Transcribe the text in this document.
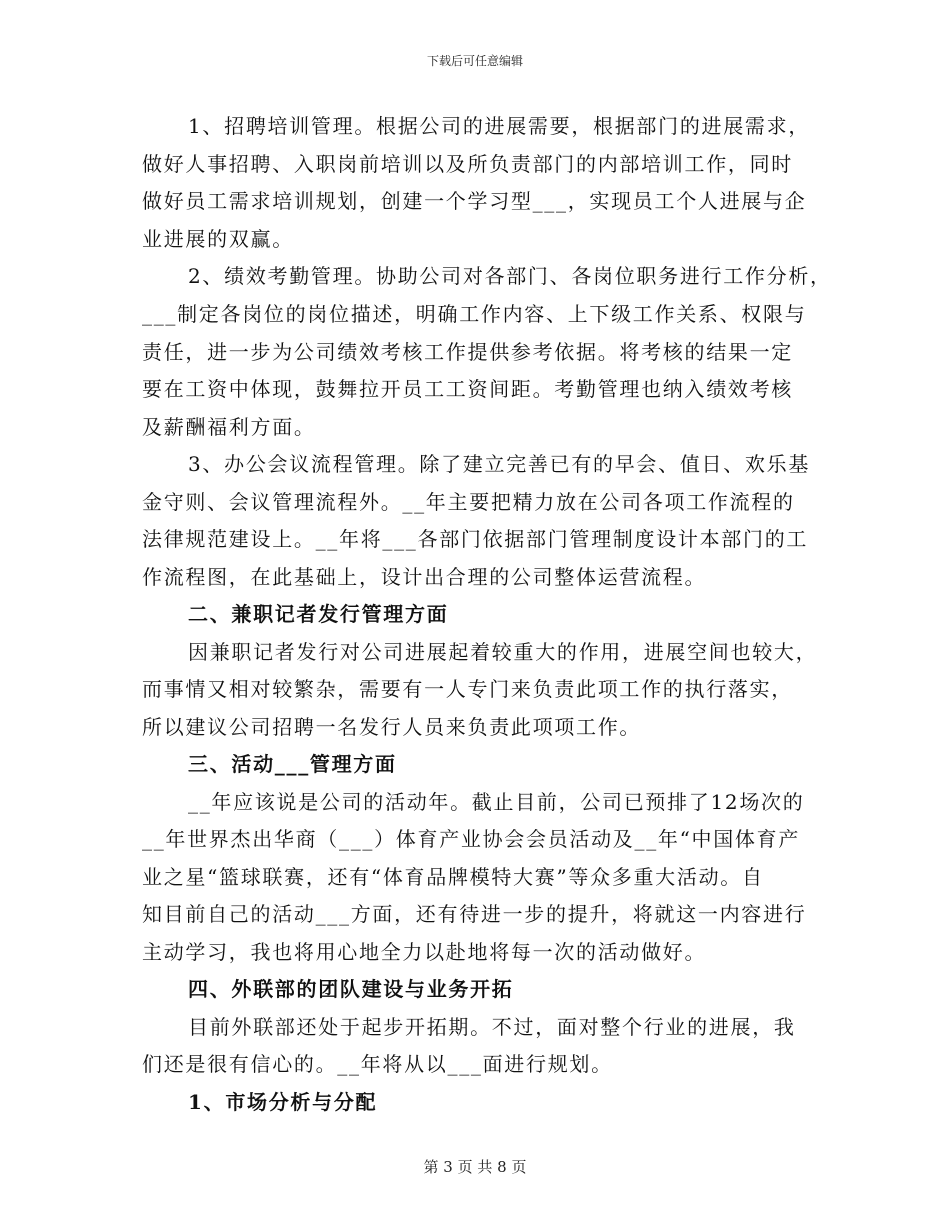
下载后可任意编辑
1、招聘培训管理。根据公司的进展需要，根据部门的进展需求，
做好人事招聘、入职岗前培训以及所负责部门的内部培训工作，同时
做好员工需求培训规划，创建一个学习型___，实现员工个人进展与企
业进展的双赢。
2、绩效考勤管理。协助公司对各部门、各岗位职务进行工作分析，
___制定各岗位的岗位描述，明确工作内容、上下级工作关系、权限与
责任，进一步为公司绩效考核工作提供参考依据。将考核的结果一定
要在工资中体现，鼓舞拉开员工工资间距。考勤管理也纳入绩效考核
及薪酬福利方面。
3、办公会议流程管理。除了建立完善已有的早会、值日、欢乐基
金守则、会议管理流程外。__年主要把精力放在公司各项工作流程的
法律规范建设上。__年将___各部门依据部门管理制度设计本部门的工
作流程图，在此基础上，设计出合理的公司整体运营流程。
二、兼职记者发行管理方面
因兼职记者发行对公司进展起着较重大的作用，进展空间也较大，
而事情又相对较繁杂，需要有一人专门来负责此项工作的执行落实，
所以建议公司招聘一名发行人员来负责此项项工作。
三、活动___管理方面
__年应该说是公司的活动年。截止目前，公司已预排了12场次的
__年世界杰出华商（___）体育产业协会会员活动及__年“中国体育产
业之星“篮球联赛，还有“体育品牌模特大赛”等众多重大活动。自
知目前自己的活动___方面，还有待进一步的提升，将就这一内容进行
主动学习，我也将用心地全力以赴地将每一次的活动做好。
四、外联部的团队建设与业务开拓
目前外联部还处于起步开拓期。不过，面对整个行业的进展，我
们还是很有信心的。__年将从以___面进行规划。
1、市场分析与分配
第 3 页 共 8 页
